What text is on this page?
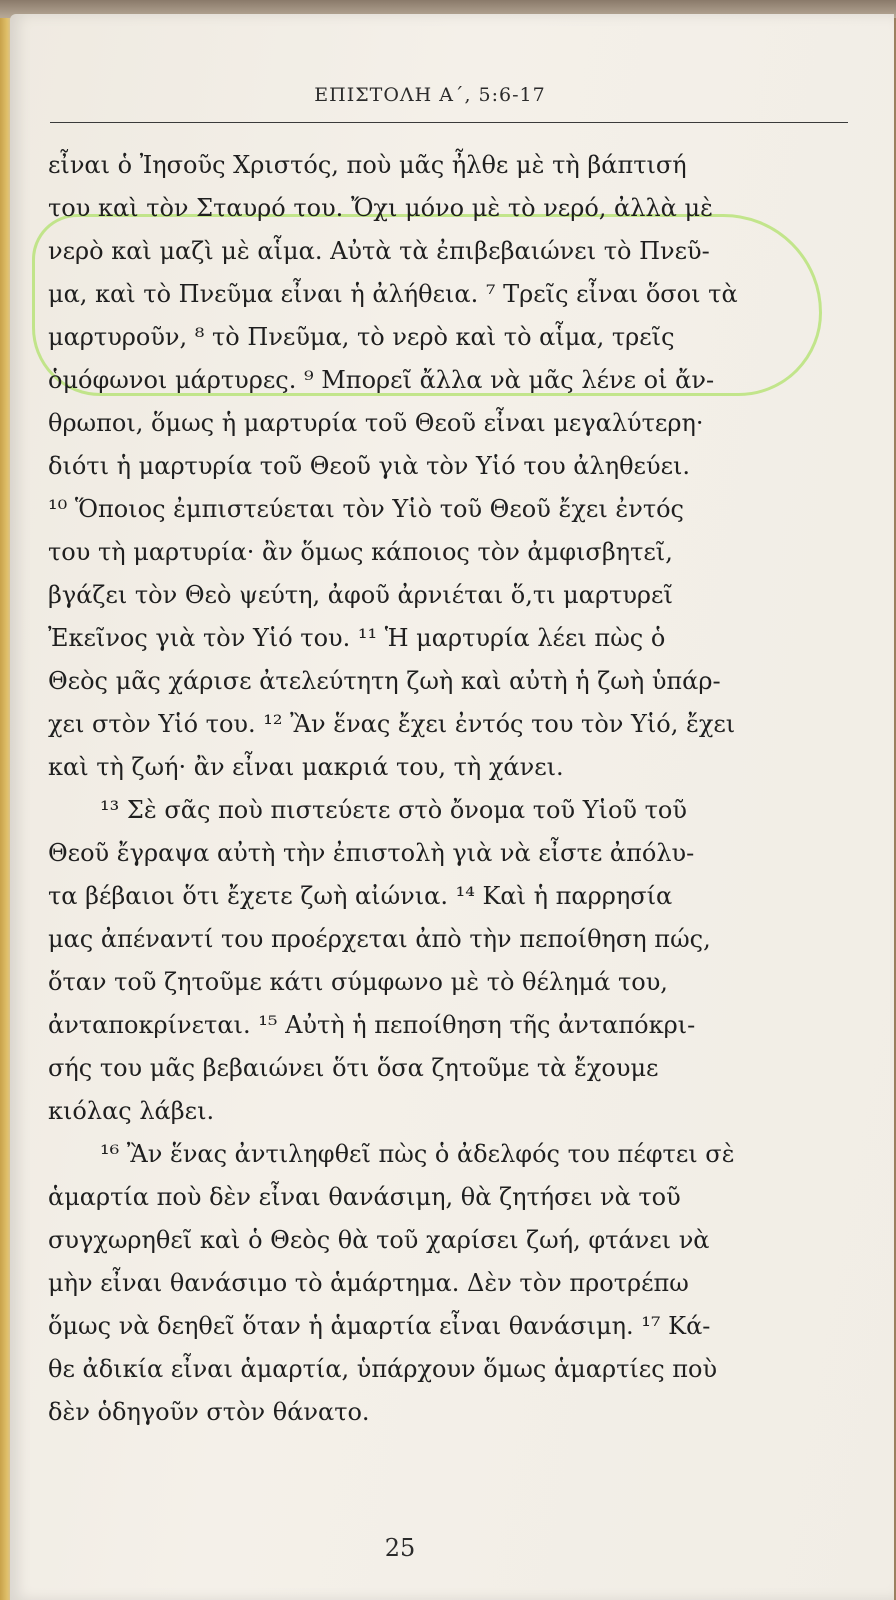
ΕΠΙΣΤΟΛΗ Α΄, 5:6-17
εἶναι ὁ Ἰησοῦς Χριστός, ποὺ μᾶς ἦλθε μὲ τὴ βάπτισή
του καὶ τὸν Σταυρό του. Ὄχι μόνο μὲ τὸ νερό, ἀλλὰ μὲ
νερὸ καὶ μαζὶ μὲ αἷμα. Αὐτὰ τὰ ἐπιβεβαιώνει τὸ Πνεῦ-
μα, καὶ τὸ Πνεῦμα εἶναι ἡ ἀλήθεια. ⁷ Τρεῖς εἶναι ὅσοι τὰ
μαρτυροῦν, ⁸ τὸ Πνεῦμα, τὸ νερὸ καὶ τὸ αἷμα, τρεῖς
ὁμόφωνοι μάρτυρες. ⁹ Μπορεῖ ἄλλα νὰ μᾶς λένε οἱ ἄν-
θρωποι, ὅμως ἡ μαρτυρία τοῦ Θεοῦ εἶναι μεγαλύτερη·
διότι ἡ μαρτυρία τοῦ Θεοῦ γιὰ τὸν Υἱό του ἀληθεύει.
¹⁰ Ὅποιος ἐμπιστεύεται τὸν Υἱὸ τοῦ Θεοῦ ἔχει ἐντός
του τὴ μαρτυρία· ἂν ὅμως κάποιος τὸν ἀμφισβητεῖ,
βγάζει τὸν Θεὸ ψεύτη, ἀφοῦ ἀρνιέται ὅ,τι μαρτυρεῖ
Ἐκεῖνος γιὰ τὸν Υἱό του. ¹¹ Ἡ μαρτυρία λέει πὼς ὁ
Θεὸς μᾶς χάρισε ἀτελεύτητη ζωὴ καὶ αὐτὴ ἡ ζωὴ ὑπάρ-
χει στὸν Υἱό του. ¹² Ἂν ἕνας ἔχει ἐντός του τὸν Υἱό, ἔχει
καὶ τὴ ζωή· ἂν εἶναι μακριά του, τὴ χάνει.
¹³ Σὲ σᾶς ποὺ πιστεύετε στὸ ὄνομα τοῦ Υἱοῦ τοῦ
Θεοῦ ἔγραψα αὐτὴ τὴν ἐπιστολὴ γιὰ νὰ εἶστε ἀπόλυ-
τα βέβαιοι ὅτι ἔχετε ζωὴ αἰώνια. ¹⁴ Καὶ ἡ παρρησία
μας ἀπέναντί του προέρχεται ἀπὸ τὴν πεποίθηση πώς,
ὅταν τοῦ ζητοῦμε κάτι σύμφωνο μὲ τὸ θέλημά του,
ἀνταποκρίνεται. ¹⁵ Αὐτὴ ἡ πεποίθηση τῆς ἀνταπόκρι-
σής του μᾶς βεβαιώνει ὅτι ὅσα ζητοῦμε τὰ ἔχουμε
κιόλας λάβει.
¹⁶ Ἂν ἕνας ἀντιληφθεῖ πὼς ὁ ἀδελφός του πέφτει σὲ
ἁμαρτία ποὺ δὲν εἶναι θανάσιμη, θὰ ζητήσει νὰ τοῦ
συγχωρηθεῖ καὶ ὁ Θεὸς θὰ τοῦ χαρίσει ζωή, φτάνει νὰ
μὴν εἶναι θανάσιμο τὸ ἁμάρτημα. Δὲν τὸν προτρέπω
ὅμως νὰ δεηθεῖ ὅταν ἡ ἁμαρτία εἶναι θανάσιμη. ¹⁷ Κά-
θε ἀδικία εἶναι ἁμαρτία, ὑπάρχουν ὅμως ἁμαρτίες ποὺ
δὲν ὁδηγοῦν στὸν θάνατο.
25
